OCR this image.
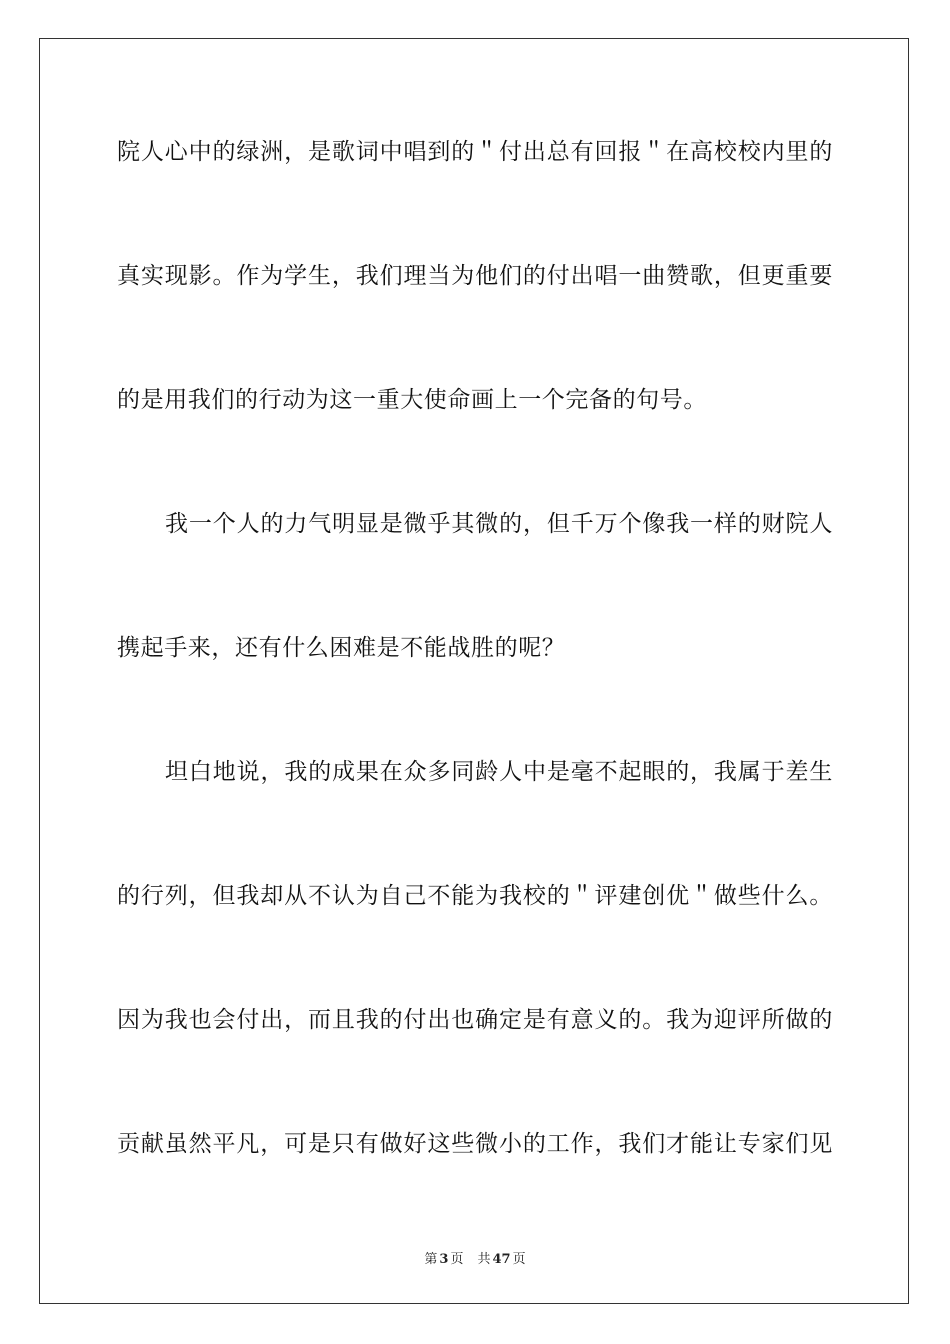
院人心中的绿洲，是歌词中唱到的＂付出总有回报＂在高校校内里的
真实现影。作为学生，我们理当为他们的付出唱一曲赞歌，但更重要
的是用我们的行动为这一重大使命画上一个完备的句号。
我一个人的力气明显是微乎其微的，但千万个像我一样的财院人
携起手来，还有什么困难是不能战胜的呢？
坦白地说，我的成果在众多同龄人中是毫不起眼的，我属于差生
的行列，但我却从不认为自己不能为我校的＂评建创优＂做些什么。
因为我也会付出，而且我的付出也确定是有意义的。我为迎评所做的
贡献虽然平凡，可是只有做好这些微小的工作，我们才能让专家们见
第 3 页 共 47 页
